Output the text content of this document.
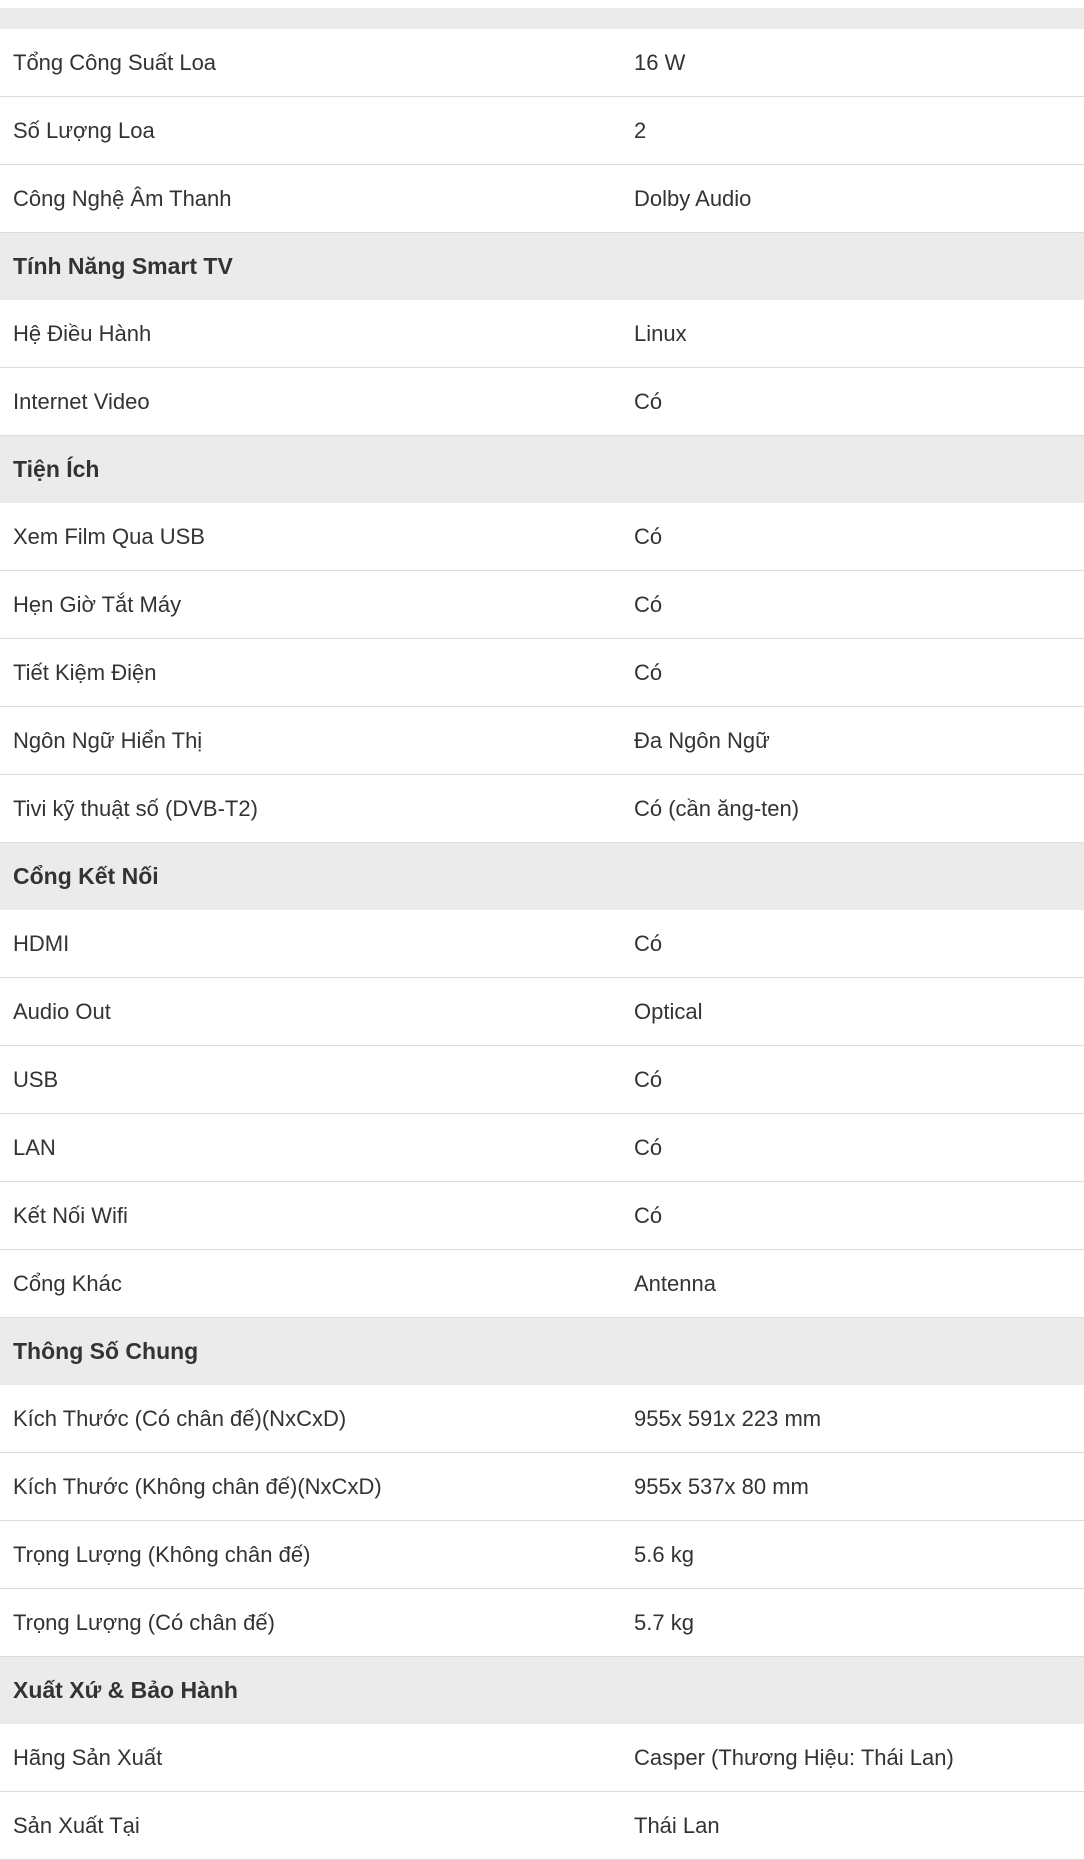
Tổng Công Suất Loa	16 W
Số Lượng Loa	2
Công Nghệ Âm Thanh	Dolby Audio
Tính Năng Smart TV	
Hệ Điều Hành	Linux
Internet Video	Có
Tiện Ích	
Xem Film Qua USB	Có
Hẹn Giờ Tắt Máy	Có
Tiết Kiệm Điện	Có
Ngôn Ngữ Hiển Thị	Đa Ngôn Ngữ
Tivi kỹ thuật số (DVB-T2)	Có (cần ăng-ten)
Cổng Kết Nối	
HDMI	Có
Audio Out	Optical
USB	Có
LAN	Có
Kết Nối Wifi	Có
Cổng Khác	Antenna
Thông Số Chung	
Kích Thước (Có chân đế)(NxCxD)	955x 591x 223 mm
Kích Thước (Không chân đế)(NxCxD)	955x 537x 80 mm
Trọng Lượng (Không chân đế)	5.6 kg
Trọng Lượng (Có chân đế)	5.7 kg
Xuất Xứ & Bảo Hành	
Hãng Sản Xuất	Casper (Thương Hiệu: Thái Lan)
Sản Xuất Tại	Thái Lan
